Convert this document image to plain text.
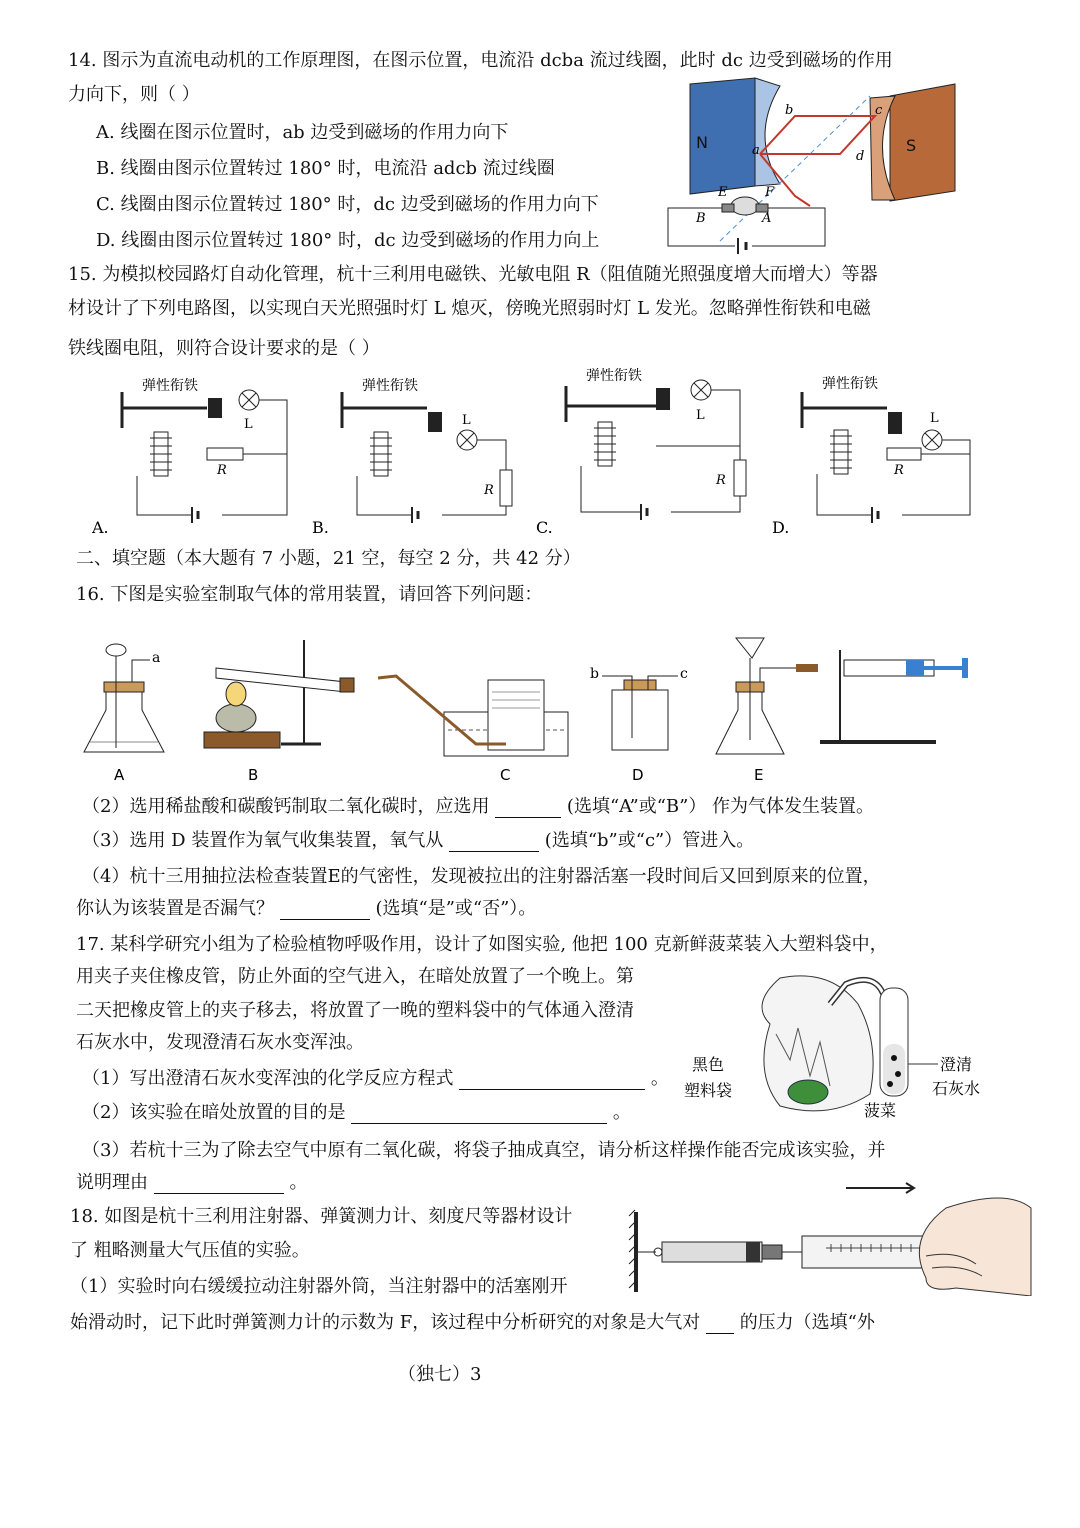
14. 图示为直流电动机的工作原理图，在图示位置，电流沿 dcba 流过线圈，此时 dc 边受到磁场的作用
力向下，则（ ）
A. 线圈在图示位置时，ab 边受到磁场的作用力向下
B. 线圈由图示位置转过 180° 时，电流沿 adcb 流过线圈
C. 线圈由图示位置转过 180° 时，dc 边受到磁场的作用力向下
D. 线圈由图示位置转过 180° 时，dc 边受到磁场的作用力向上
N	S
b	c
a	d
E	F
B	A
15. 为模拟校园路灯自动化管理，杭十三利用电磁铁、光敏电阻 R（阻值随光照强度增大而增大）等器
材设计了下列电路图，以实现白天光照强时灯 L 熄灭，傍晚光照弱时灯 L 发光。忽略弹性衔铁和电磁
铁线圈电阻，则符合设计要求的是（ ）
弹性衔铁
L
R
A.
弹性衔铁
L
R
B.
弹性衔铁
L
R
C.
弹性衔铁
L
R
D.
二、填空题（本大题有 7 小题，21 空，每空 2 分，共 42 分）
16. 下图是实验室制取气体的常用装置，请回答下列问题：
a
A	B	C
b	c
D	E
（2）选用稀盐酸和碳酸钙制取二氧化碳时，应选用	(选填“A”或“B”） 作为气体发生装置。
（3）选用 D 装置作为氧气收集装置，氧气从	(选填“b”或“c”）管进入。
（4）杭十三用抽拉法检查装置E的气密性，发现被拉出的注射器活塞一段时间后又回到原来的位置，
你认为该装置是否漏气？	(选填“是”或“否”）。
17. 某科学研究小组为了检验植物呼吸作用，设计了如图实验, 他把 100 克新鲜菠菜装入大塑料袋中，
用夹子夹住橡皮管，防止外面的空气进入，在暗处放置了一个晚上。第
二天把橡皮管上的夹子移去，将放置了一晚的塑料袋中的气体通入澄清
石灰水中，发现澄清石灰水变浑浊。
（1）写出澄清石灰水变浑浊的化学反应方程式	。
（2）该实验在暗处放置的目的是	。
（3）若杭十三为了除去空气中原有二氧化碳，将袋子抽成真空，请分析这样操作能否完成该实验，并
说明理由	。
黑色
塑料袋
菠菜
澄清
石灰水
18. 如图是杭十三利用注射器、弹簧测力计、刻度尺等器材设计
了 粗略测量大气压值的实验。
（1）实验时向右缓缓拉动注射器外筒，当注射器中的活塞刚开
始滑动时，记下此时弹簧测力计的示数为 F，该过程中分析研究的对象是大气对 的压力（选填“外
（独七）3
